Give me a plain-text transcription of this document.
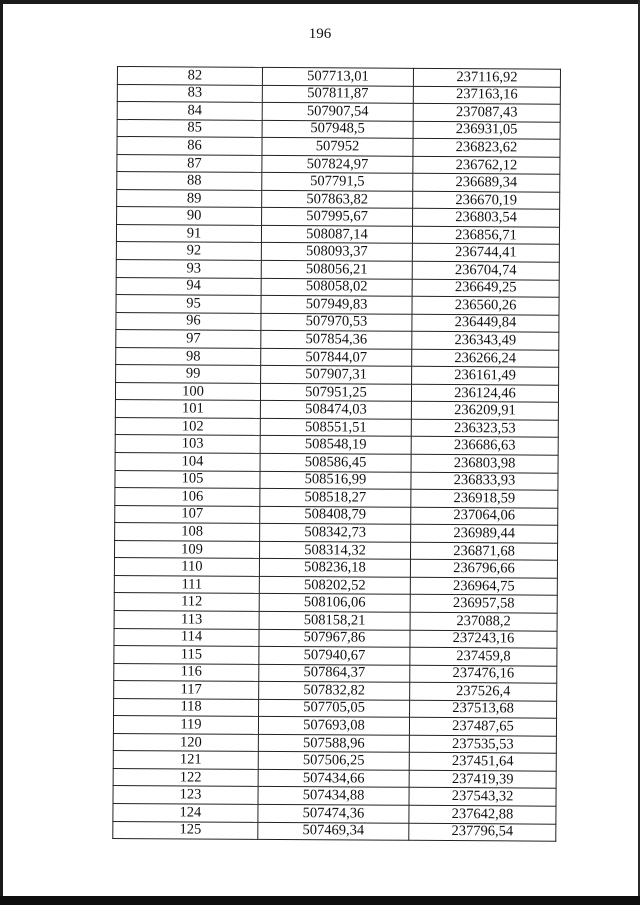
196
82	507713,01	237116,92
83	507811,87	237163,16
84	507907,54	237087,43
85	507948,5	236931,05
86	507952	236823,62
87	507824,97	236762,12
88	507791,5	236689,34
89	507863,82	236670,19
90	507995,67	236803,54
91	508087,14	236856,71
92	508093,37	236744,41
93	508056,21	236704,74
94	508058,02	236649,25
95	507949,83	236560,26
96	507970,53	236449,84
97	507854,36	236343,49
98	507844,07	236266,24
99	507907,31	236161,49
100	507951,25	236124,46
101	508474,03	236209,91
102	508551,51	236323,53
103	508548,19	236686,63
104	508586,45	236803,98
105	508516,99	236833,93
106	508518,27	236918,59
107	508408,79	237064,06
108	508342,73	236989,44
109	508314,32	236871,68
110	508236,18	236796,66
111	508202,52	236964,75
112	508106,06	236957,58
113	508158,21	237088,2
114	507967,86	237243,16
115	507940,67	237459,8
116	507864,37	237476,16
117	507832,82	237526,4
118	507705,05	237513,68
119	507693,08	237487,65
120	507588,96	237535,53
121	507506,25	237451,64
122	507434,66	237419,39
123	507434,88	237543,32
124	507474,36	237642,88
125	507469,34	237796,54
